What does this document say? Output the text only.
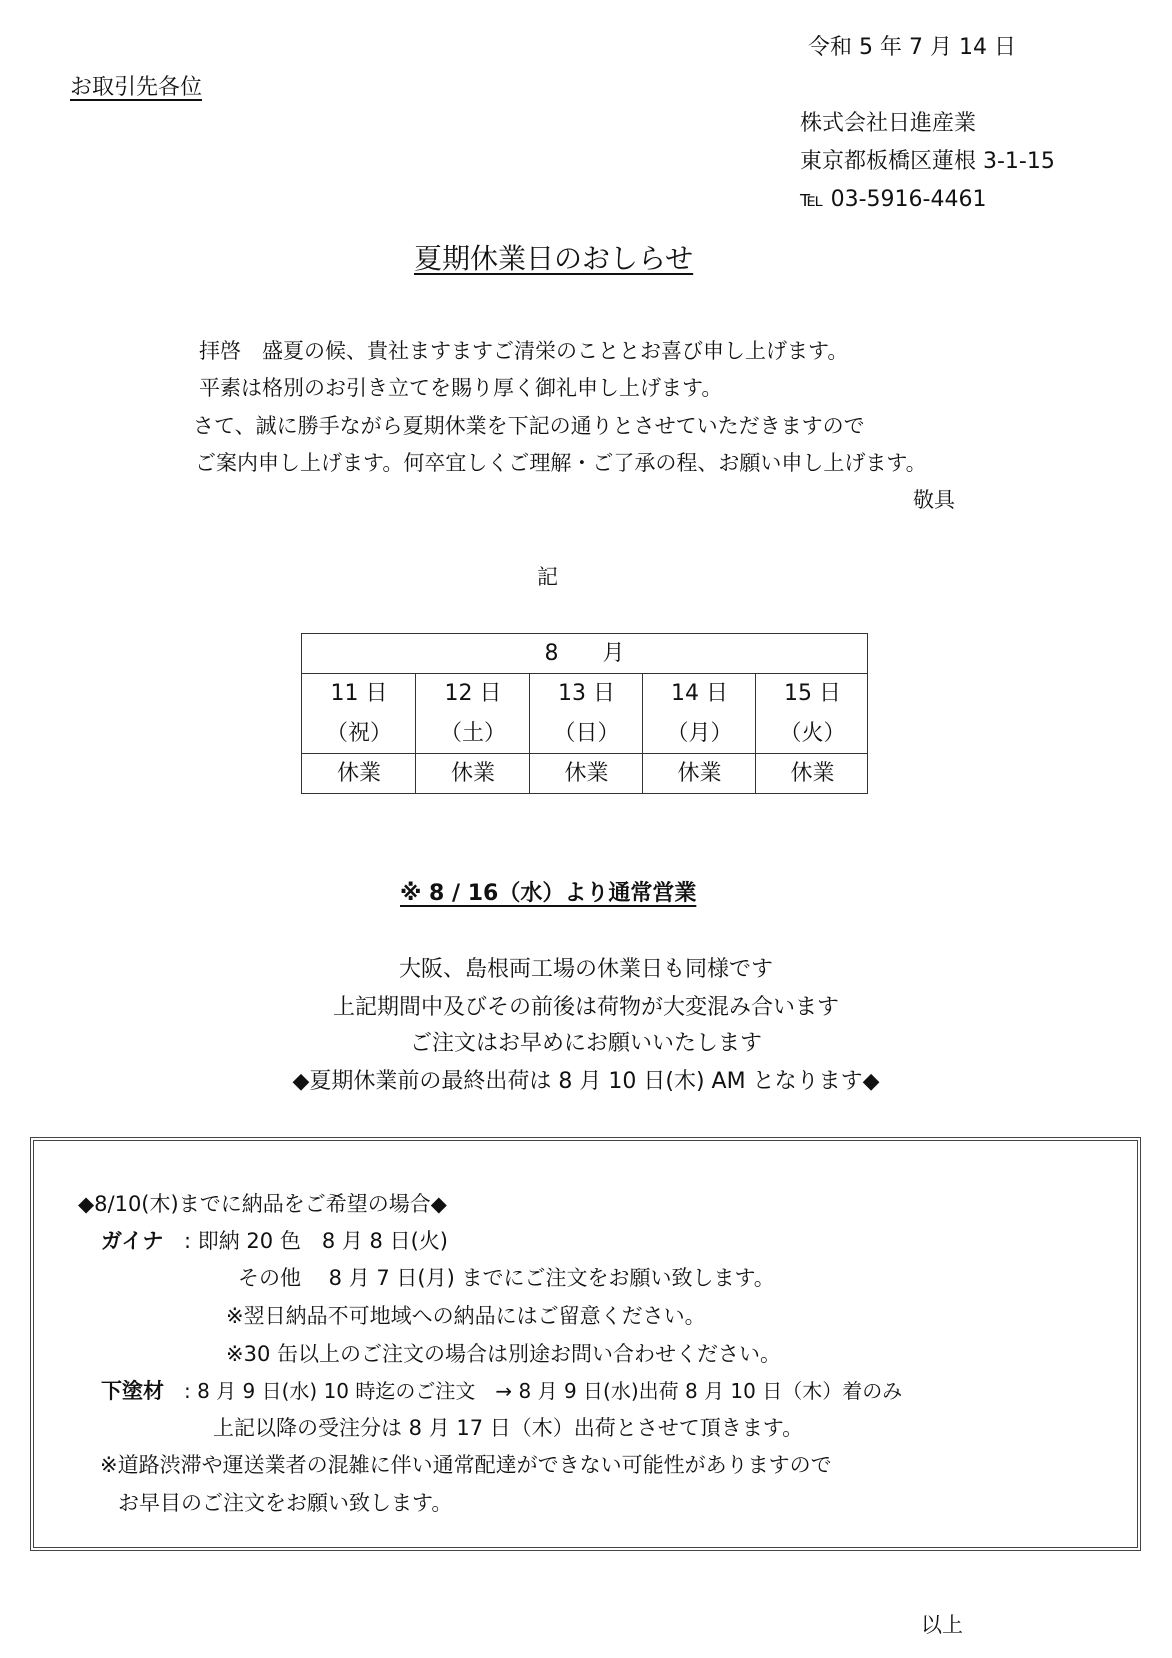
令和 5 年 7 月 14 日
お取引先各位
株式会社日進産業
東京都板橋区蓮根 3-1-15
℡ 03-5916-4461
夏期休業日のおしらせ
拝啓　盛夏の候、貴社ますますご清栄のこととお喜び申し上げます。
平素は格別のお引き立てを賜り厚く御礼申し上げます。
さて、誠に勝手ながら夏期休業を下記の通りとさせていただきますので
ご案内申し上げます。何卒宜しくご理解・ご了承の程、お願い申し上げます。
敬具
記
8　　月
11 日	12 日	13 日	14 日	15 日
（祝）	（土）	（日）	（月）	（火）
休業	休業	休業	休業	休業
※ 8 / 16（水）より通常営業
大阪、島根両工場の休業日も同様です
上記期間中及びその前後は荷物が大変混み合います
ご注文はお早めにお願いいたします
◆夏期休業前の最終出荷は 8 月 10 日(木) AM となります◆
◆8/10(木)までに納品をご希望の場合◆
ガイナ : 即納 20 色　8 月 8 日(火)
その他　 8 月 7 日(月) までにご注文をお願い致します。
※翌日納品不可地域への納品にはご留意ください。
※30 缶以上のご注文の場合は別途お問い合わせください。
下塗材 : 8 月 9 日(水) 10 時迄のご注文　→ 8 月 9 日(水)出荷 8 月 10 日（木）着のみ
上記以降の受注分は 8 月 17 日（木）出荷とさせて頂きます。
※道路渋滞や運送業者の混雑に伴い通常配達ができない可能性がありますので
お早目のご注文をお願い致します。
以上
